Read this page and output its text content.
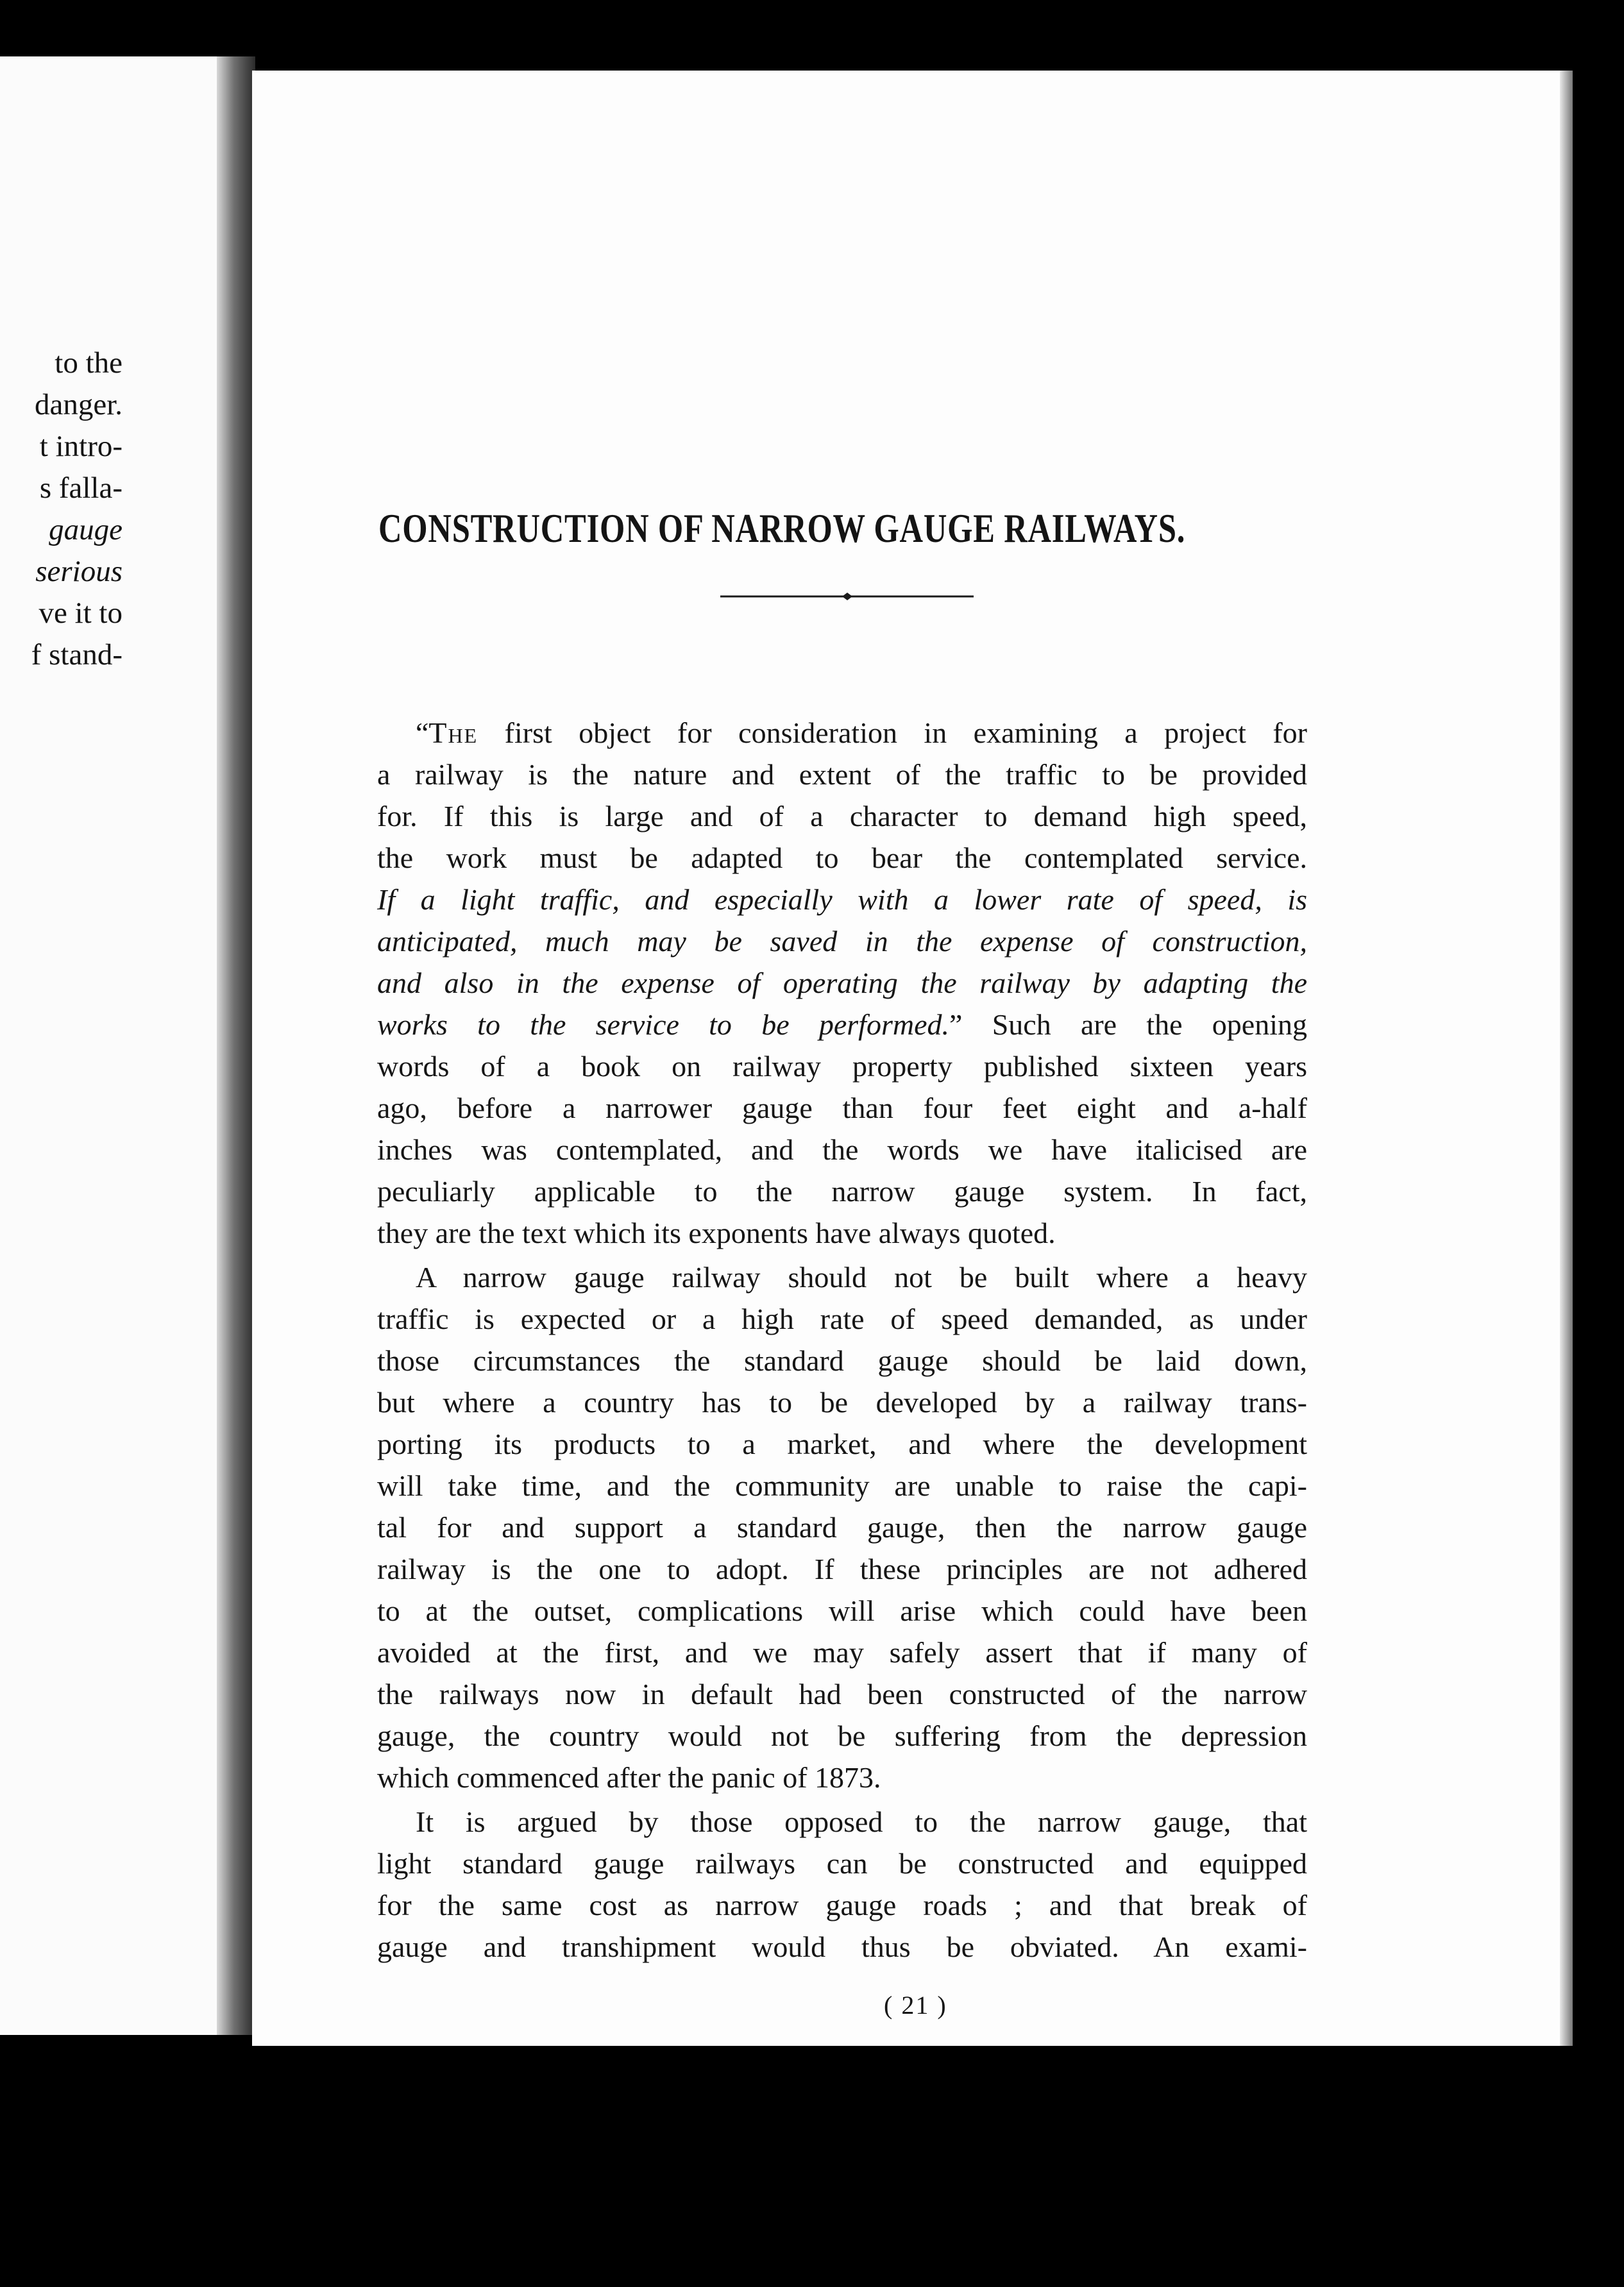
to the
danger.
t intro-
s falla-
gauge
serious
ve it to
f stand-
CONSTRUCTION OF NARROW GAUGE RAILWAYS.
“The first object for consideration in examining a project for
a railway is the nature and extent of the traffic to be provided
for. If this is large and of a character to demand high speed,
the work must be adapted to bear the contemplated service.
If a light traffic, and especially with a lower rate of speed, is
anticipated, much may be saved in the expense of construction,
and also in the expense of operating the railway by adapting the
works to the service to be performed.” Such are the opening
words of a book on railway property published sixteen years
ago, before a narrower gauge than four feet eight and a-half
inches was contemplated, and the words we have italicised are
peculiarly applicable to the narrow gauge system. In fact,
they are the text which its exponents have always quoted.
A narrow gauge railway should not be built where a heavy
traffic is expected or a high rate of speed demanded, as under
those circumstances the standard gauge should be laid down,
but where a country has to be developed by a railway trans-
porting its products to a market, and where the development
will take time, and the community are unable to raise the capi-
tal for and support a standard gauge, then the narrow gauge
railway is the one to adopt. If these principles are not adhered
to at the outset, complications will arise which could have been
avoided at the first, and we may safely assert that if many of
the railways now in default had been constructed of the narrow
gauge, the country would not be suffering from the depression
which commenced after the panic of 1873.
It is argued by those opposed to the narrow gauge, that
light standard gauge railways can be constructed and equipped
for the same cost as narrow gauge roads ; and that break of
gauge and transhipment would thus be obviated. An exami-
( 21 )
